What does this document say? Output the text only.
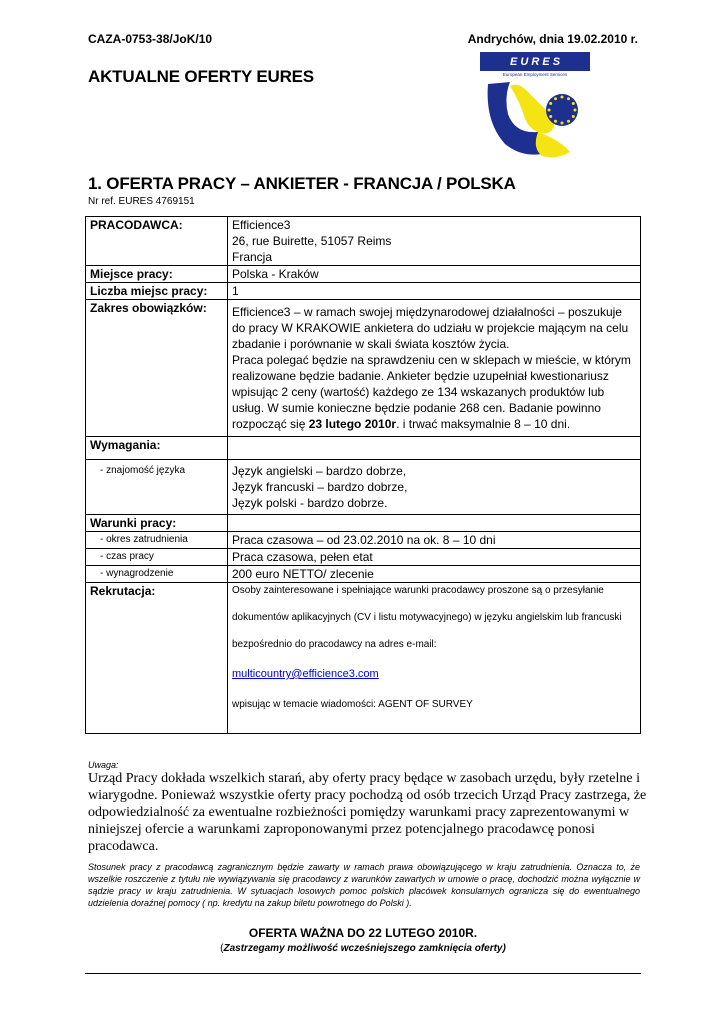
CAZA-0753-38/JoK/10	Andrychów, dnia 19.02.2010 r.
AKTUALNE OFERTY EURES
E U R E S
European Employment Services
1. OFERTA PRACY – ANKIETER - FRANCJA / POLSKA
Nr ref. EURES 4769151
PRACODAWCA:	Efficience3
26, rue Buirette, 51057 Reims
Francja

Miejsce pracy:	Polska - Kraków
Liczba miejsc pracy:	1
Zakres obowiązków:	Efficience3 – w ramach swojej międzynarodowej działalności – poszukuje do pracy W KRAKOWIE ankietera do udziału w projekcie mającym na celu zbadanie i porównanie w skali świata kosztów życia.
Praca polegać będzie na sprawdzeniu cen w sklepach w mieście, w którym realizowane będzie badanie. Ankieter będzie uzupełniał kwestionariusz wpisując 2 ceny (wartość) każdego ze 134 wskazanych produktów lub usług. W sumie konieczne będzie podanie 268 cen. Badanie powinno rozpocząć się 23 lutego 2010r. i trwać maksymalnie 8 – 10 dni.

Wymagania:	
- znajomość języka	Język angielski – bardzo dobrze,
Język francuski – bardzo dobrze,
Język polski - bardzo dobrze.

Warunki pracy:	
- okres zatrudnienia	Praca czasowa – od 23.02.2010 na ok. 8 – 10 dni
- czas pracy	Praca czasowa, pełen etat
- wynagrodzenie	200 euro NETTO/ zlecenie
Rekrutacja:	Osoby zainteresowane i spełniające warunki pracodawcy proszone są o przesyłanie
dokumentów aplikacyjnych (CV i listu motywacyjnego) w języku angielskim lub francuski
bezpośrednio do pracodawcy na adres e-mail:
multicountry@efficience3.com
wpisując w temacie wiadomości: AGENT OF SURVEY
Uwaga:
Urząd Pracy dokłada wszelkich starań, aby oferty pracy będące w zasobach urzędu, były rzetelne i wiarygodne. Ponieważ wszystkie oferty pracy pochodzą od osób trzecich Urząd Pracy zastrzega, że odpowiedzialność za ewentualne rozbieżności pomiędzy warunkami pracy zaprezentowanymi w niniejszej ofercie a warunkami zaproponowanymi przez potencjalnego pracodawcę ponosi pracodawca.
Stosunek pracy z pracodawcą zagranicznym będzie zawarty w ramach prawa obowiązującego w kraju zatrudnienia. Oznacza to, że wszelkie roszczenie z tytułu nie wywiązywania się pracodawcy z warunków zawartych w umowie o pracę, dochodzić można wyłącznie w sądzie pracy w kraju zatrudnienia. W sytuacjach losowych pomoc polskich placówek konsularnych ogranicza się do ewentualnego udzielenia doraźnej pomocy ( np. kredytu na zakup biletu powrotnego do Polski ).
OFERTA WAŻNA DO 22 LUTEGO 2010R.
(Zastrzegamy możliwość wcześniejszego zamknięcia oferty)
